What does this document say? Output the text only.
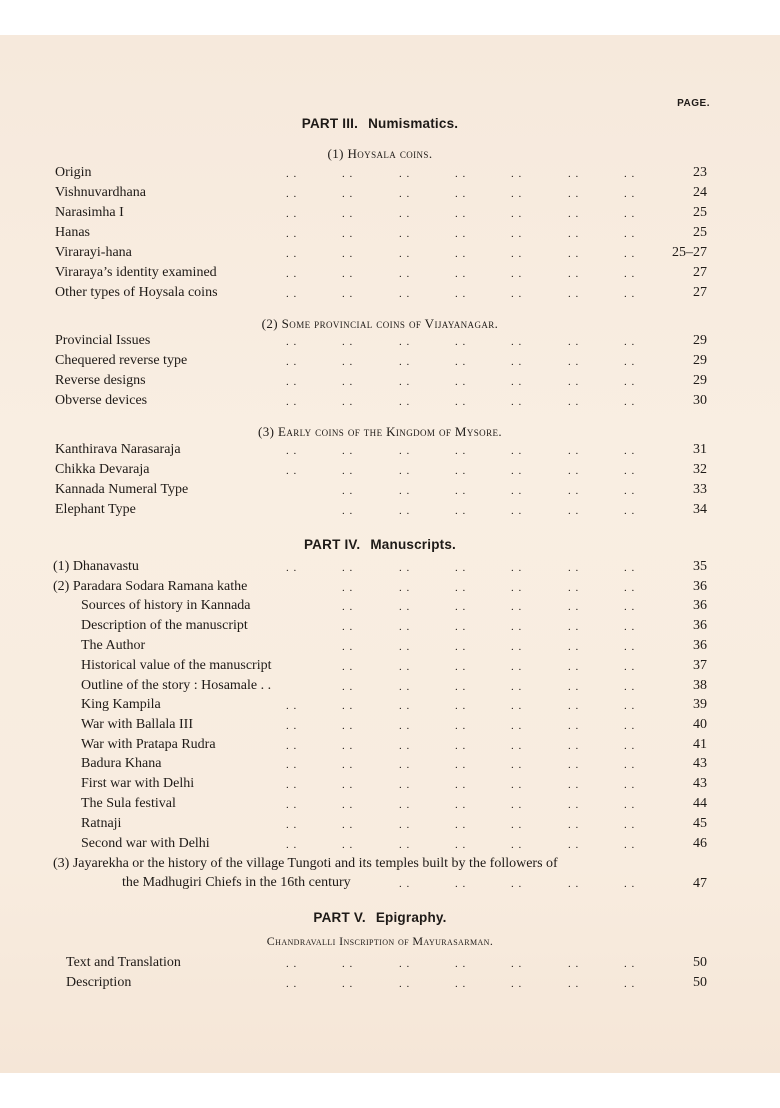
PAGE.
PART III. Numismatics.
(1) Hoysala coins.
Origin	. .	. .	. .	. .	. .	. .	. .	23
Vishnuvardhana	. .	. .	. .	. .	. .	. .	. .	24
Narasimha I	. .	. .	. .	. .	. .	. .	. .	25
Hanas	. .	. .	. .	. .	. .	. .	. .	25
Virarayi-hana	. .	. .	. .	. .	. .	. .	. .	25–27
Viraraya’s identity examined	. .	. .	. .	. .	. .	. .	. .	27
Other types of Hoysala coins	. .	. .	. .	. .	. .	. .	. .	27
(2) Some provincial coins of Vijayanagar.
Provincial Issues	. .	. .	. .	. .	. .	. .	. .	29
Chequered reverse type	. .	. .	. .	. .	. .	. .	. .	29
Reverse designs	. .	. .	. .	. .	. .	. .	. .	29
Obverse devices	. .	. .	. .	. .	. .	. .	. .	30
(3) Early coins of the Kingdom of Mysore.
Kanthirava Narasaraja	. .	. .	. .	. .	. .	. .	. .	31
Chikka Devaraja	. .	. .	. .	. .	. .	. .	. .	32
Kannada Numeral Type	. .	. .	. .	. .	. .	. .	33
Elephant Type	. .	. .	. .	. .	. .	. .	34
PART IV. Manuscripts.
(1) Dhanavastu	. .	. .	. .	. .	. .	. .	. .	35
(2) Paradara Sodara Ramana kathe	. .	. .	. .	. .	. .	. .	36
Sources of history in Kannada	. .	. .	. .	. .	. .	. .	36
Description of the manuscript	. .	. .	. .	. .	. .	. .	36
The Author	. .	. .	. .	. .	. .	. .	36
Historical value of the manuscript	. .	. .	. .	. .	. .	. .	37
Outline of the story : Hosamale . .	. .	. .	. .	. .	. .	. .	38
King Kampila	. .	. .	. .	. .	. .	. .	. .	39
War with Ballala III	. .	. .	. .	. .	. .	. .	. .	40
War with Pratapa Rudra	. .	. .	. .	. .	. .	. .	. .	41
Badura Khana	. .	. .	. .	. .	. .	. .	. .	43
First war with Delhi	. .	. .	. .	. .	. .	. .	. .	43
The Sula festival	. .	. .	. .	. .	. .	. .	. .	44
Ratnaji	. .	. .	. .	. .	. .	. .	. .	45
Second war with Delhi	. .	. .	. .	. .	. .	. .	. .	46
(3) Jayarekha or the history of the village Tungoti and its temples built by the followers of
the Madhugiri Chiefs in the 16th century	. .	. .	. .	. .	. .	47
PART V. Epigraphy.
Chandravalli Inscription of Mayurasarman.
Text and Translation	. .	. .	. .	. .	. .	. .	. .	50
Description	. .	. .	. .	. .	. .	. .	. .	50
